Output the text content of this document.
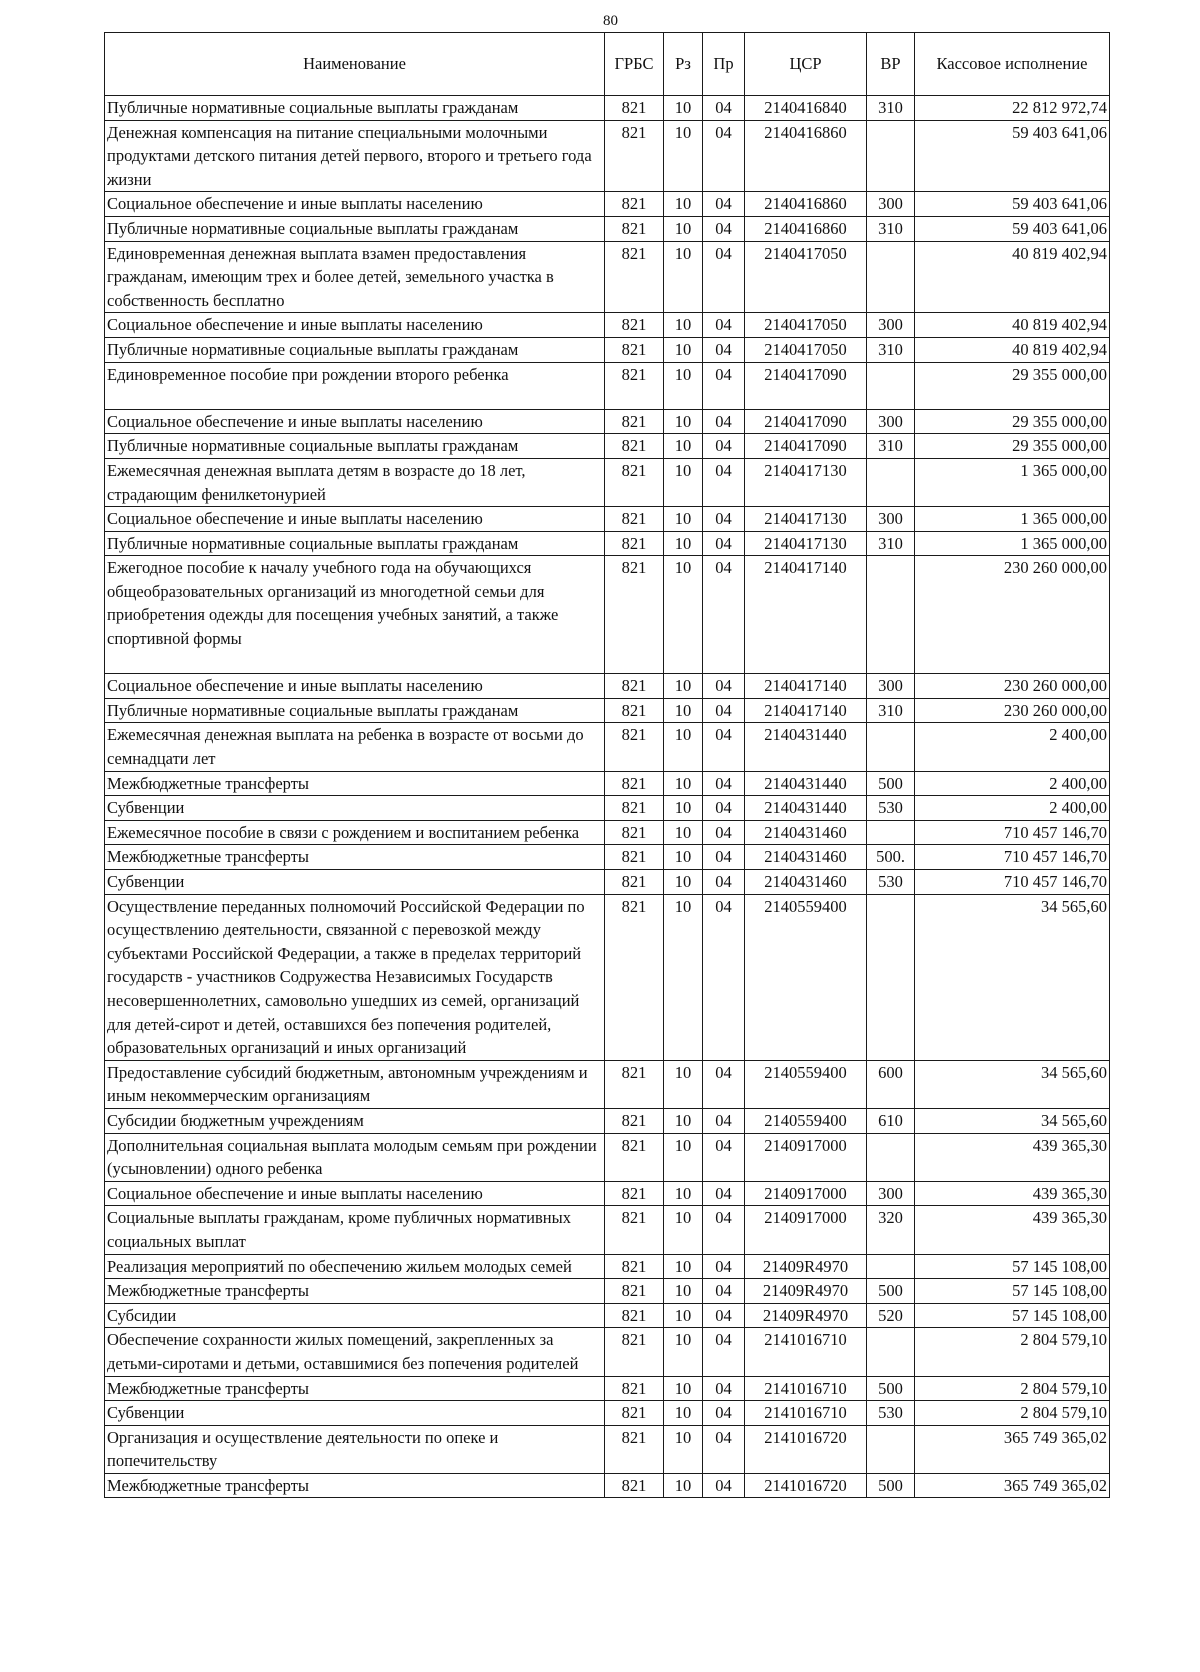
80
Наименование	ГРБС	Рз	Пр	ЦСР	ВР	Кассовое исполнение
Публичные нормативные социальные выплаты гражданам	821	10	04	2140416840	310	22 812 972,74
Денежная компенсация на питание специальными молочными продуктами детского питания детей первого, второго и третьего года жизни	821	10	04	2140416860		59 403 641,06
Социальное обеспечение и иные выплаты населению	821	10	04	2140416860	300	59 403 641,06
Публичные нормативные социальные выплаты гражданам	821	10	04	2140416860	310	59 403 641,06
Единовременная денежная выплата взамен предоставления гражданам, имеющим трех и более детей, земельного участка в собственность бесплатно	821	10	04	2140417050		40 819 402,94
Социальное обеспечение и иные выплаты населению	821	10	04	2140417050	300	40 819 402,94
Публичные нормативные социальные выплаты гражданам	821	10	04	2140417050	310	40 819 402,94
Единовременное пособие при рождении второго ребенка	821	10	04	2140417090		29 355 000,00
Социальное обеспечение и иные выплаты населению	821	10	04	2140417090	300	29 355 000,00
Публичные нормативные социальные выплаты гражданам	821	10	04	2140417090	310	29 355 000,00
Ежемесячная денежная выплата детям в возрасте до 18 лет, страдающим фенилкетонурией	821	10	04	2140417130		1 365 000,00
Социальное обеспечение и иные выплаты населению	821	10	04	2140417130	300	1 365 000,00
Публичные нормативные социальные выплаты гражданам	821	10	04	2140417130	310	1 365 000,00
Ежегодное пособие к началу учебного года на обучающихся общеобразовательных организаций из многодетной семьи для приобретения одежды для посещения учебных занятий, а также спортивной формы	821	10	04	2140417140		230 260 000,00
Социальное обеспечение и иные выплаты населению	821	10	04	2140417140	300	230 260 000,00
Публичные нормативные социальные выплаты гражданам	821	10	04	2140417140	310	230 260 000,00
Ежемесячная денежная выплата на ребенка в возрасте от восьми до семнадцати лет	821	10	04	2140431440		2 400,00
Межбюджетные трансферты	821	10	04	2140431440	500	2 400,00
Субвенции	821	10	04	2140431440	530	2 400,00
Ежемесячное пособие в связи с рождением и воспитанием ребенка	821	10	04	2140431460		710 457 146,70
Межбюджетные трансферты	821	10	04	2140431460	500.	710 457 146,70
Субвенции	821	10	04	2140431460	530	710 457 146,70
Осуществление переданных полномочий Российской Федерации по осуществлению деятельности, связанной с перевозкой между субъектами Российской Федерации, а также в пределах территорий государств - участников Содружества Независимых Государств несовершеннолетних, самовольно ушедших из семей, организаций для детей-сирот и детей, оставшихся без попечения родителей, образовательных организаций и иных организаций	821	10	04	2140559400		34 565,60
Предоставление субсидий бюджетным, автономным учреждениям и иным некоммерческим организациям	821	10	04	2140559400	600	34 565,60
Субсидии бюджетным учреждениям	821	10	04	2140559400	610	34 565,60
Дополнительная социальная выплата молодым семьям при рождении (усыновлении) одного ребенка	821	10	04	2140917000		439 365,30
Социальное обеспечение и иные выплаты населению	821	10	04	2140917000	300	439 365,30
Социальные выплаты гражданам, кроме публичных нормативных социальных выплат	821	10	04	2140917000	320	439 365,30
Реализация мероприятий по обеспечению жильем молодых семей	821	10	04	21409R4970		57 145 108,00
Межбюджетные трансферты	821	10	04	21409R4970	500	57 145 108,00
Субсидии	821	10	04	21409R4970	520	57 145 108,00
Обеспечение сохранности жилых помещений, закрепленных за детьми-сиротами и детьми, оставшимися без попечения родителей	821	10	04	2141016710		2 804 579,10
Межбюджетные трансферты	821	10	04	2141016710	500	2 804 579,10
Субвенции	821	10	04	2141016710	530	2 804 579,10
Организация и осуществление деятельности по опеке и попечительству	821	10	04	2141016720		365 749 365,02
Межбюджетные трансферты	821	10	04	2141016720	500	365 749 365,02
